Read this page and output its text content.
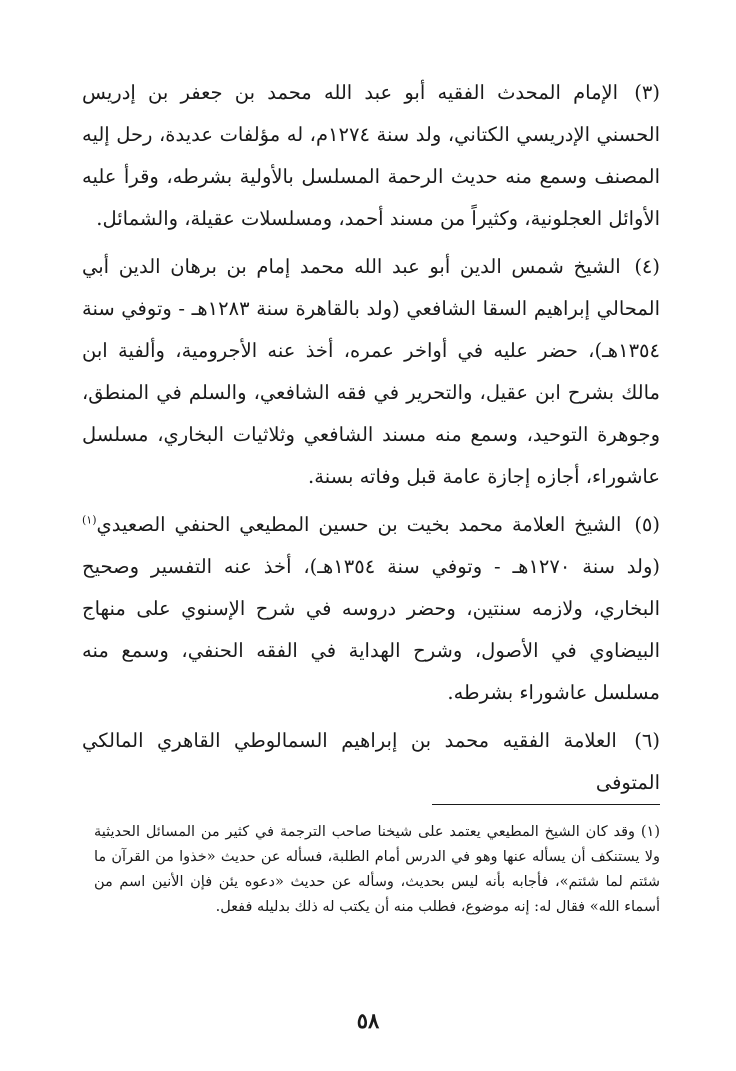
(٣) الإمام المحدث الفقيه أبو عبد الله محمد بن جعفر بن إدريس الحسني الإدريسي الكتاني، ولد سنة ١٢٧٤م، له مؤلفات عديدة، رحل إليه المصنف وسمع منه حديث الرحمة المسلسل بالأولية بشرطه، وقرأ عليه الأوائل العجلونية، وكثيراً من مسند أحمد، ومسلسلات عقيلة، والشمائل.

(٤) الشيخ شمس الدين أبو عبد الله محمد إمام بن برهان الدين أبي المحالي إبراهيم السقا الشافعي (ولد بالقاهرة سنة ١٢٨٣هـ - وتوفي سنة ١٣٥٤هـ)، حضر عليه في أواخر عمره، أخذ عنه الأجرومية، وألفية ابن مالك بشرح ابن عقيل، والتحرير في فقه الشافعي، والسلم في المنطق، وجوهرة التوحيد، وسمع منه مسند الشافعي وثلاثيات البخاري، مسلسل عاشوراء، أجازه إجازة عامة قبل وفاته بسنة.

(٥) الشيخ العلامة محمد بخيت بن حسين المطيعي الحنفي الصعيدي$^{(١)}$ (ولد سنة ١٢٧٠هـ - وتوفي سنة ١٣٥٤هـ)، أخذ عنه التفسير وصحيح البخاري، ولازمه سنتين، وحضر دروسه في شرح الإسنوي على منهاج البيضاوي في الأصول، وشرح الهداية في الفقه الحنفي، وسمع منه مسلسل عاشوراء بشرطه.

(٦) العلامة الفقيه محمد بن إبراهيم السمالوطي القاهري المالكي المتوفى

(١) وقد كان الشيخ المطيعي يعتمد على شيخنا صاحب الترجمة في كثير من المسائل الحديثية ولا يستنكف أن يسأله عنها وهو في الدرس أمام الطلبة، فسأله عن حديث «خذوا من القرآن ما شئتم لما شئتم»، فأجابه بأنه ليس بحديث، وسأله عن حديث «دعوه يئن فإن الأنين اسم من أسماء الله» فقال له: إنه موضوع، فطلب منه أن يكتب له ذلك بدليله ففعل.

٥٨
